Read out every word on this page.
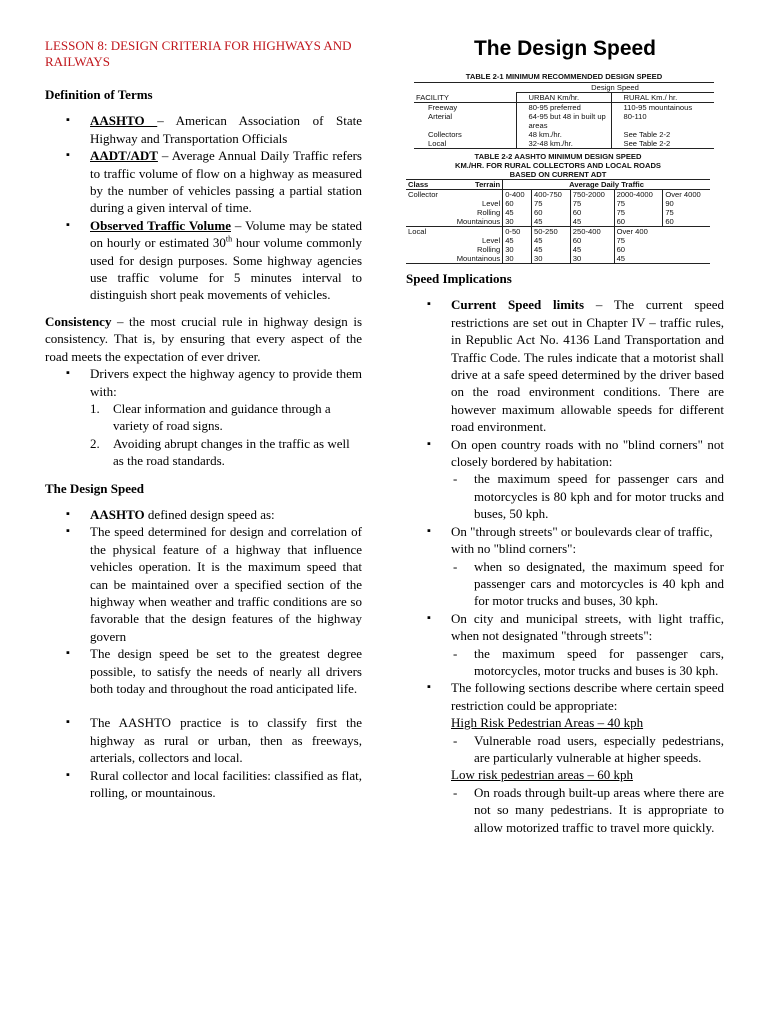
LESSON 8: DESIGN CRITERIA FOR HIGHWAYS AND RAILWAYS
Definition of Terms
▪ AASHTO – American Association of State Highway and Transportation Officials
▪ AADT/ADT – Average Annual Daily Traffic refers to traffic volume of flow on a highway as measured by the number of vehicles passing a partial station during a given interval of time.
▪ Observed Traffic Volume – Volume may be stated on hourly or estimated 30th hour volume commonly used for design purposes. Some highway agencies use traffic volume for 5 minutes interval to distinguish short peak movements of vehicles.
Consistency – the most crucial rule in highway design is consistency. That is, by ensuring that every aspect of the road meets the expectation of ever driver.
▪ Drivers expect the highway agency to provide them with:
1. Clear information and guidance through a variety of road signs.
2. Avoiding abrupt changes in the traffic as well as the road standards.
The Design Speed
▪ AASHTO defined design speed as:
▪ The speed determined for design and correlation of the physical feature of a highway that influence vehicles operation. It is the maximum speed that can be maintained over a specified section of the highway when weather and traffic conditions are so favorable that the design features of the highway govern
▪ The design speed be set to the greatest degree possible, to satisfy the needs of nearly all drivers both today and throughout the road anticipated life.
▪ The AASHTO practice is to classify first the highway as rural or urban, then as freeways, arterials, collectors and local.
▪ Rural collector and local facilities: classified as flat, rolling, or mountainous.
The Design Speed
TABLE 2-1 MINIMUM RECOMMENDED DESIGN SPEED
	Design Speed	
FACILITY	URBAN Km/hr.	RURAL Km./ hr.
Freeway	80-95 preferred	110-95 mountainous
Arterial	64-95 but 48 in built up areas	80-110
Collectors	48 km./hr.	See Table 2-2
Local	32-48 km./hr.	See Table 2-2
TABLE 2-2 AASHTO MINIMUM DESIGN SPEED
KM./HR. FOR RURAL COLLECTORS AND LOCAL ROADS
BASED ON CURRENT ADT
Class	Terrain	Average Daily Traffic				
Collector		0-400	400-750	750-2000	2000-4000	Over 4000
	Level	60	75	75	75	90
	Rolling	45	60	60	75	75
	Mountainous	30	45	45	60	60
Local		0-50	50-250	250-400	Over 400	
	Level	45	45	60	75	
	Rolling	30	45	45	60	
	Mountainous	30	30	30	45	
Speed Implications
▪ Current Speed limits – The current speed restrictions are set out in Chapter IV – traffic rules, in Republic Act No. 4136 Land Transportation and Traffic Code. The rules indicate that a motorist shall drive at a safe speed determined by the driver based on the road environment conditions. There are however maximum allowable speeds for different road environment.
▪ On open country roads with no "blind corners" not closely bordered by habitation:
- the maximum speed for passenger cars and motorcycles is 80 kph and for motor trucks and buses, 50 kph.
▪ On "through streets" or boulevards clear of traffic, with no "blind corners":
- when so designated, the maximum speed for passenger cars and motorcycles is 40 kph and for motor trucks and buses, 30 kph.
▪ On city and municipal streets, with light traffic, when not designated "through streets":
- the maximum speed for passenger cars, motorcycles, motor trucks and buses is 30 kph.
▪ The following sections describe where certain speed restriction could be appropriate:
High Risk Pedestrian Areas – 40 kph
- Vulnerable road users, especially pedestrians, are particularly vulnerable at higher speeds.
Low risk pedestrian areas – 60 kph
- On roads through built-up areas where there are not so many pedestrians. It is appropriate to allow motorized traffic to travel more quickly.
